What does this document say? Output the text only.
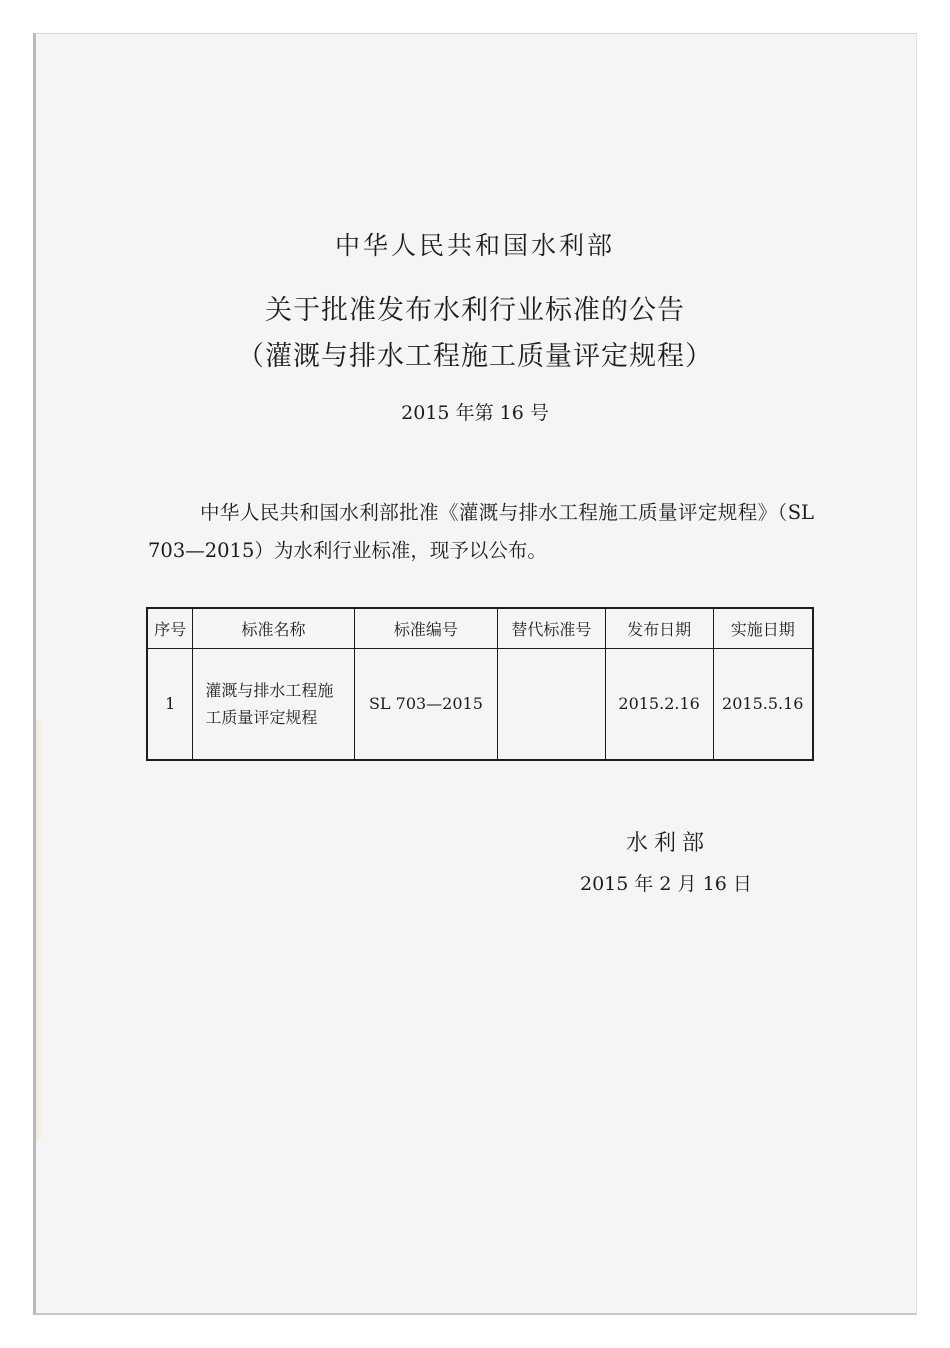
中华人民共和国水利部
关于批准发布水利行业标准的公告
（灌溉与排水工程施工质量评定规程）
2015 年第 16 号
中华人民共和国水利部批准《灌溉与排水工程施工质量评定规程》（SL 703—2015）为水利行业标准，现予以公布。
序号	标准名称	标准编号	替代标准号	发布日期	实施日期
1	灌溉与排水工程施工质量评定规程	SL 703—2015		2015.2.16	2015.5.16
水利部
2015 年 2 月 16 日
